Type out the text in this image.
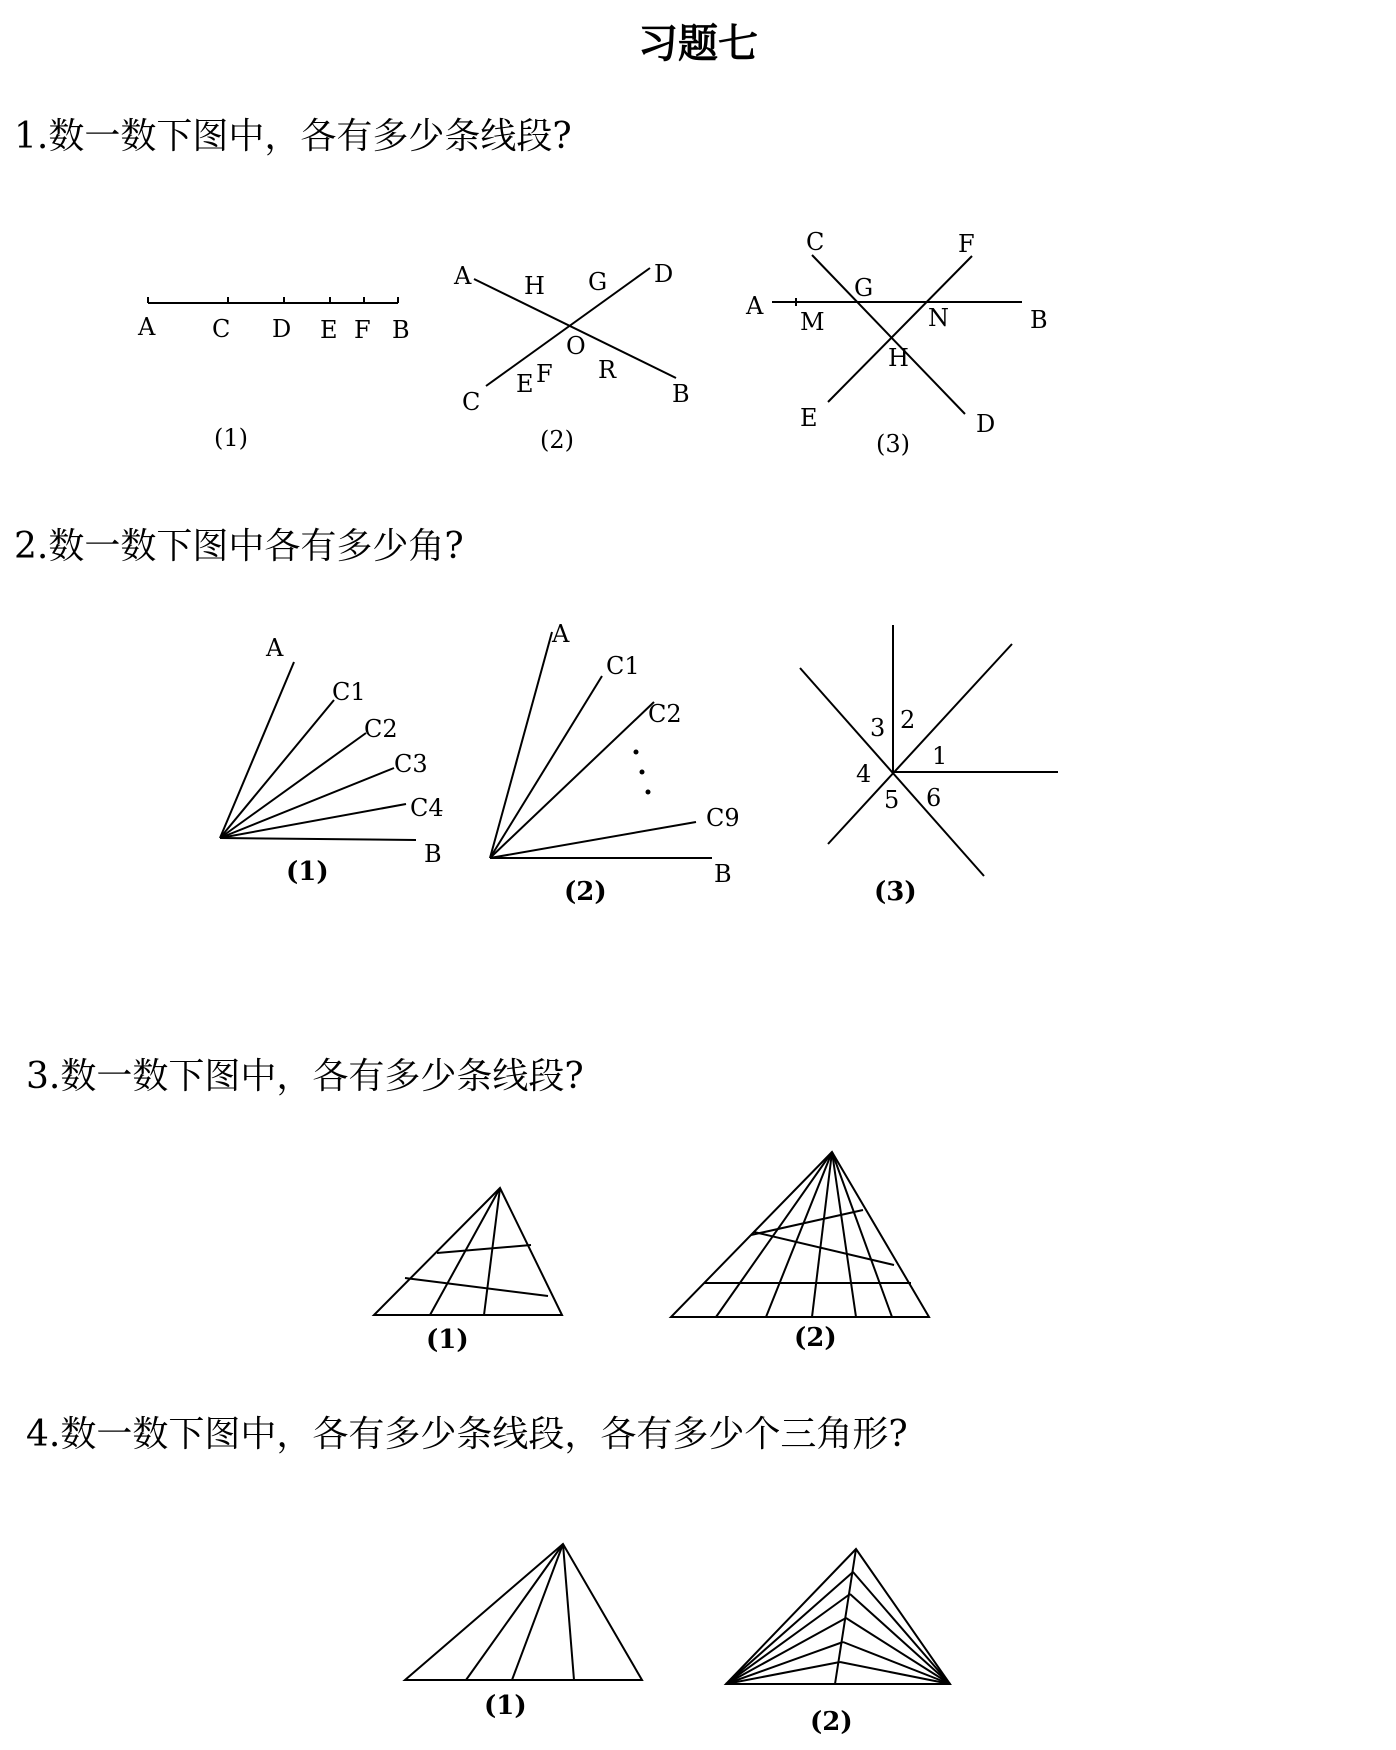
习题七
1.数一数下图中，各有多少条线段?
2.数一数下图中各有多少角?
3.数一数下图中，各有多少条线段?
4.数一数下图中，各有多少条线段，各有多少个三角形?
A C D E F B
(1)
A H G D
O
C
E F R
B
(2)
C	F
G
A
M	N	B
H
E	D
(3)
A
C1
C2
C3
C4
B
(1)
A
C1
C2
C9
B
(2)
1
2
3
4
5 6
(3)
(1)	(2)
(1)
(2)
